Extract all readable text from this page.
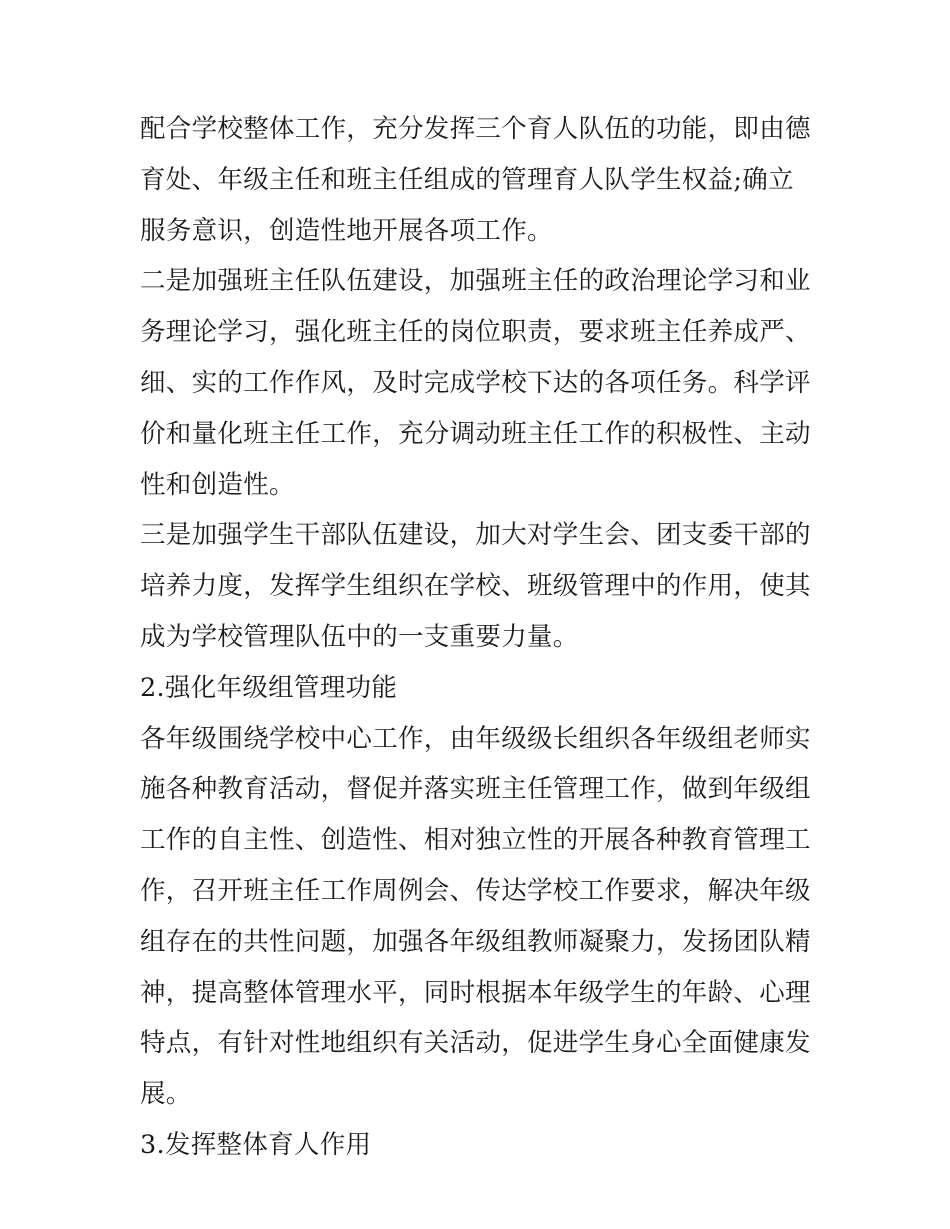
配合学校整体工作，充分发挥三个育人队伍的功能，即由德育处、年级主任和班主任组成的管理育人队学生权益;确立服务意识，创造性地开展各项工作。

二是加强班主任队伍建设，加强班主任的政治理论学习和业务理论学习，强化班主任的岗位职责，要求班主任养成严、细、实的工作作风，及时完成学校下达的各项任务。科学评价和量化班主任工作，充分调动班主任工作的积极性、主动性和创造性。

三是加强学生干部队伍建设，加大对学生会、团支委干部的培养力度，发挥学生组织在学校、班级管理中的作用，使其成为学校管理队伍中的一支重要力量。

2.强化年级组管理功能

各年级围绕学校中心工作，由年级级长组织各年级组老师实施各种教育活动，督促并落实班主任管理工作，做到年级组工作的自主性、创造性、相对独立性的开展各种教育管理工作，召开班主任工作周例会、传达学校工作要求，解决年级组存在的共性问题，加强各年级组教师凝聚力，发扬团队精神，提高整体管理水平，同时根据本年级学生的年龄、心理特点，有针对性地组织有关活动，促进学生身心全面健康发展。

3.发挥整体育人作用
